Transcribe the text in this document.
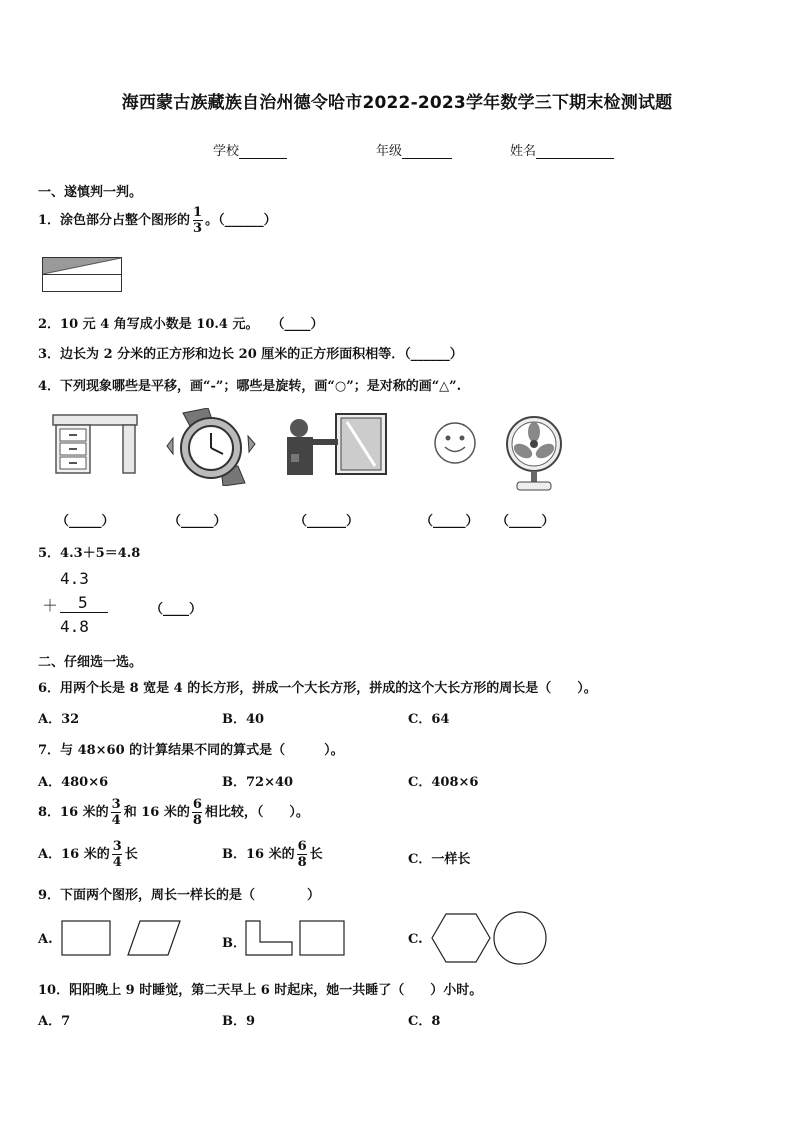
海西蒙古族藏族自治州德令哈市2022-2023学年数学三下期末检测试题
学校	年级	姓名
一、遂慎判一判。
1．涂色部分占整个图形的 $\frac{1}{3}$ 。（______）
2．10 元 4 角写成小数是 10.4 元。　　（____）
3．边长为 2 分米的正方形和边长 20 厘米的正方形面积相等．（______）
4．下列现象哪些是平移，画“-”；哪些是旋转，画“○”；是对称的画“△”.
（_____）	（_____）	（______）	（_____） （_____）
5．4.3＋5＝4.8
4.3
＋ 5
4.8
（____）
二、仔细选一选。
6．用两个长是 8 宽是 4 的长方形，拼成一个大长方形，拼成的这个大长方形的周长是（　　）。
A．32	B．40	C．64
7．与 48×60 的计算结果不同的算式是（　　　）。
A．480×6	B．72×40	C．408×6
8．16 米的 $\frac{3}{4}$ 和 16 米的 $\frac{6}{8}$ 相比较，（　　）。
A．16 米的 $\frac{3}{4}$ 长	B．16 米的 $\frac{6}{8}$ 长	C．一样长
9．下面两个图形，周长一样长的是（　　　　）
A.	B．	C.
10．阳阳晚上 9 时睡觉，第二天早上 6 时起床，她一共睡了（　　）小时。
A．7	B．9	C．8
